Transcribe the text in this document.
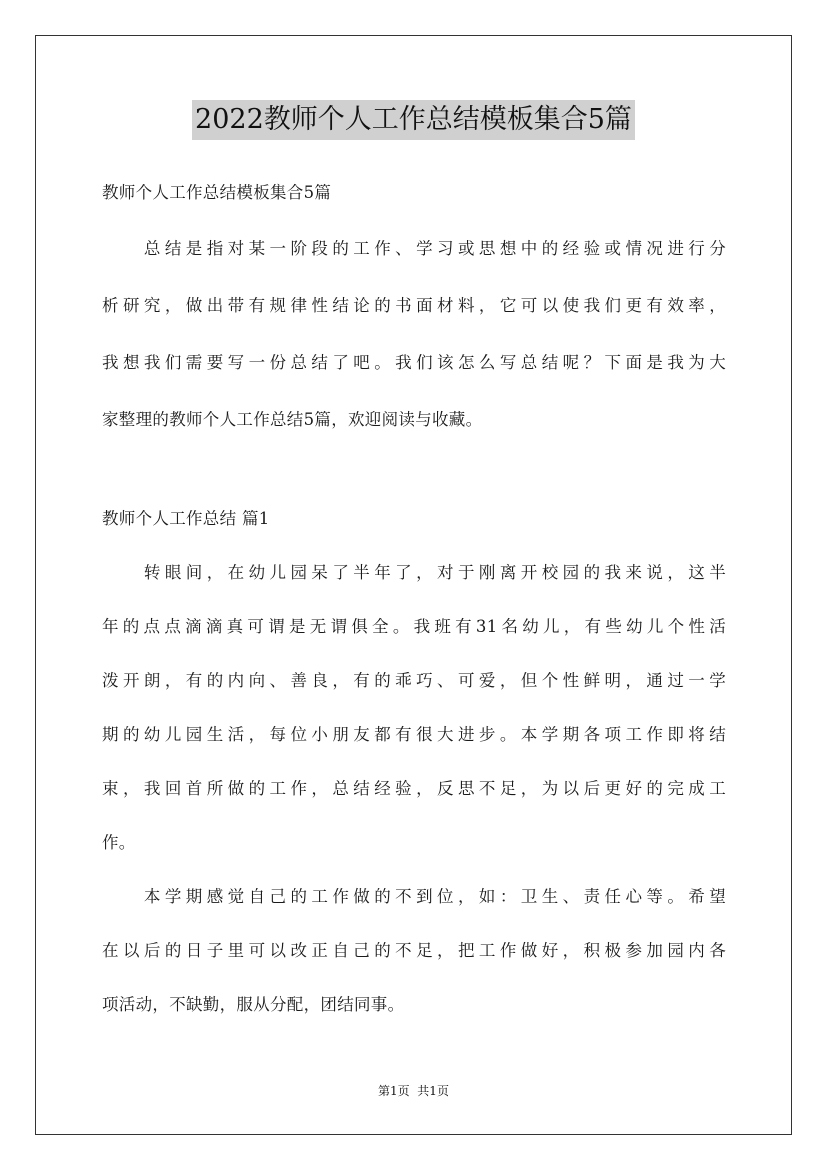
2022教师个人工作总结模板集合5篇
教师个人工作总结模板集合5篇
　　总结是指对某一阶段的工作、学习或思想中的经验或情况进行分
析研究，做出带有规律性结论的书面材料，它可以使我们更有效率，
我想我们需要写一份总结了吧。我们该怎么写总结呢？下面是我为大
家整理的教师个人工作总结5篇，欢迎阅读与收藏。
教师个人工作总结 篇1
　　转眼间，在幼儿园呆了半年了，对于刚离开校园的我来说，这半
年的点点滴滴真可谓是无谓俱全。我班有31名幼儿，有些幼儿个性活
泼开朗，有的内向、善良，有的乖巧、可爱，但个性鲜明，通过一学
期的幼儿园生活，每位小朋友都有很大进步。本学期各项工作即将结
束，我回首所做的工作，总结经验，反思不足，为以后更好的完成工
作。
　　本学期感觉自己的工作做的不到位，如：卫生、责任心等。希望
在以后的日子里可以改正自己的不足，把工作做好，积极参加园内各
项活动，不缺勤，服从分配，团结同事。
第1页  共1页
